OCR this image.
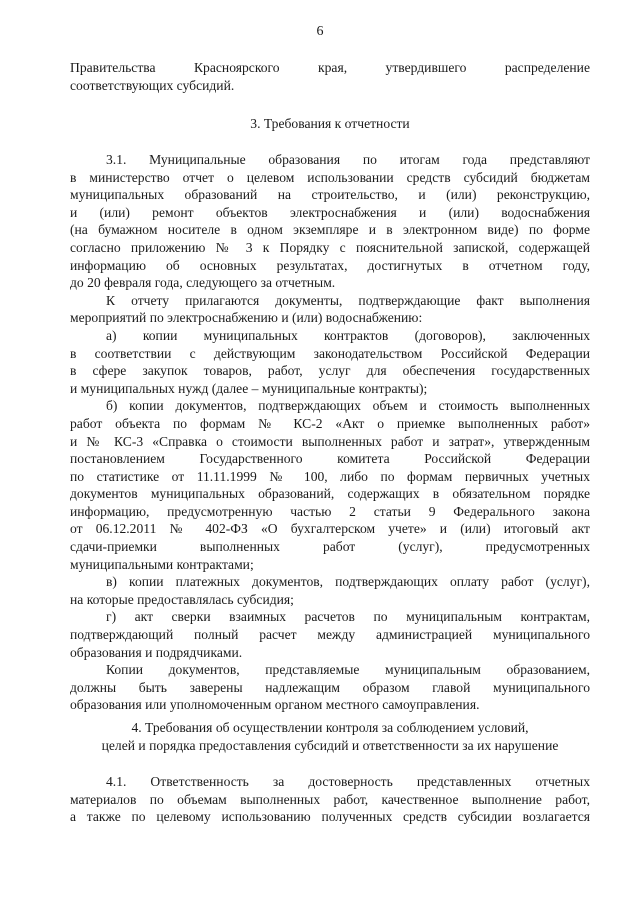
6
Правительства Красноярского края, утвердившего распределение
соответствующих субсидий.
3. Требования к отчетности
3.1. Муниципальные образования по итогам года представляют
в министерство отчет о целевом использовании средств субсидий бюджетам
муниципальных образований на строительство, и (или) реконструкцию,
и (или) ремонт объектов электроснабжения и (или) водоснабжения
(на бумажном носителе в одном экземпляре и в электронном виде) по форме
согласно приложению № 3 к Порядку с пояснительной запиской, содержащей
информацию об основных результатах, достигнутых в отчетном году,
до 20 февраля года, следующего за отчетным.
К отчету прилагаются документы, подтверждающие факт выполнения
мероприятий по электроснабжению и (или) водоснабжению:
а) копии муниципальных контрактов (договоров), заключенных
в соответствии с действующим законодательством Российской Федерации
в сфере закупок товаров, работ, услуг для обеспечения государственных
и муниципальных нужд (далее – муниципальные контракты);
б) копии документов, подтверждающих объем и стоимость выполненных
работ объекта по формам № КС-2 «Акт о приемке выполненных работ»
и № КС-3 «Справка о стоимости выполненных работ и затрат», утвержденным
постановлением Государственного комитета Российской Федерации
по статистике от 11.11.1999 № 100, либо по формам первичных учетных
документов муниципальных образований, содержащих в обязательном порядке
информацию, предусмотренную частью 2 статьи 9 Федерального закона
от 06.12.2011 № 402-ФЗ «О бухгалтерском учете» и (или) итоговый акт
сдачи-приемки выполненных работ (услуг), предусмотренных
муниципальными контрактами;
в) копии платежных документов, подтверждающих оплату работ (услуг),
на которые предоставлялась субсидия;
г) акт сверки взаимных расчетов по муниципальным контрактам,
подтверждающий полный расчет между администрацией муниципального
образования и подрядчиками.
Копии документов, представляемые муниципальным образованием,
должны быть заверены надлежащим образом главой муниципального
образования или уполномоченным органом местного самоуправления.
4. Требования об осуществлении контроля за соблюдением условий,
целей и порядка предоставления субсидий и ответственности за их нарушение
4.1. Ответственность за достоверность представленных отчетных
материалов по объемам выполненных работ, качественное выполнение работ,
а также по целевому использованию полученных средств субсидии возлагается
